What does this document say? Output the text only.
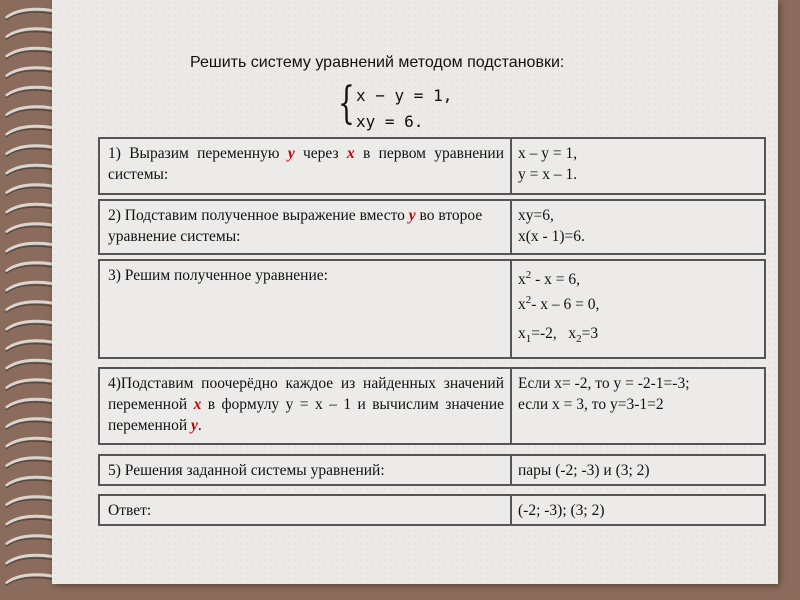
Решить систему уравнений методом подстановки:
{ x − y = 1,
xy = 6.
1) Выразим переменную y через x в первом уравнении системы:
x – y = 1,
y = x – 1.
2) Подставим полученное выражение вместо y во второе уравнение системы:
xy=6,
x(x - 1)=6.
3) Решим полученное уравнение:	$x^2 - x = 6$,
$x^2-$ x – 6 = 0,
$x_1=-2$,   $x_2=3$
4)Подставим поочерёдно каждое из найденных значений переменной x в формулу y = x – 1 и вычислим значение переменной y.
Если x= -2, то y = -2-1=-3;
если x = 3, то y=3-1=2
5) Решения заданной системы уравнений:	пары (-2; -3) и (3; 2)
Ответ:	(-2; -3); (3; 2)
